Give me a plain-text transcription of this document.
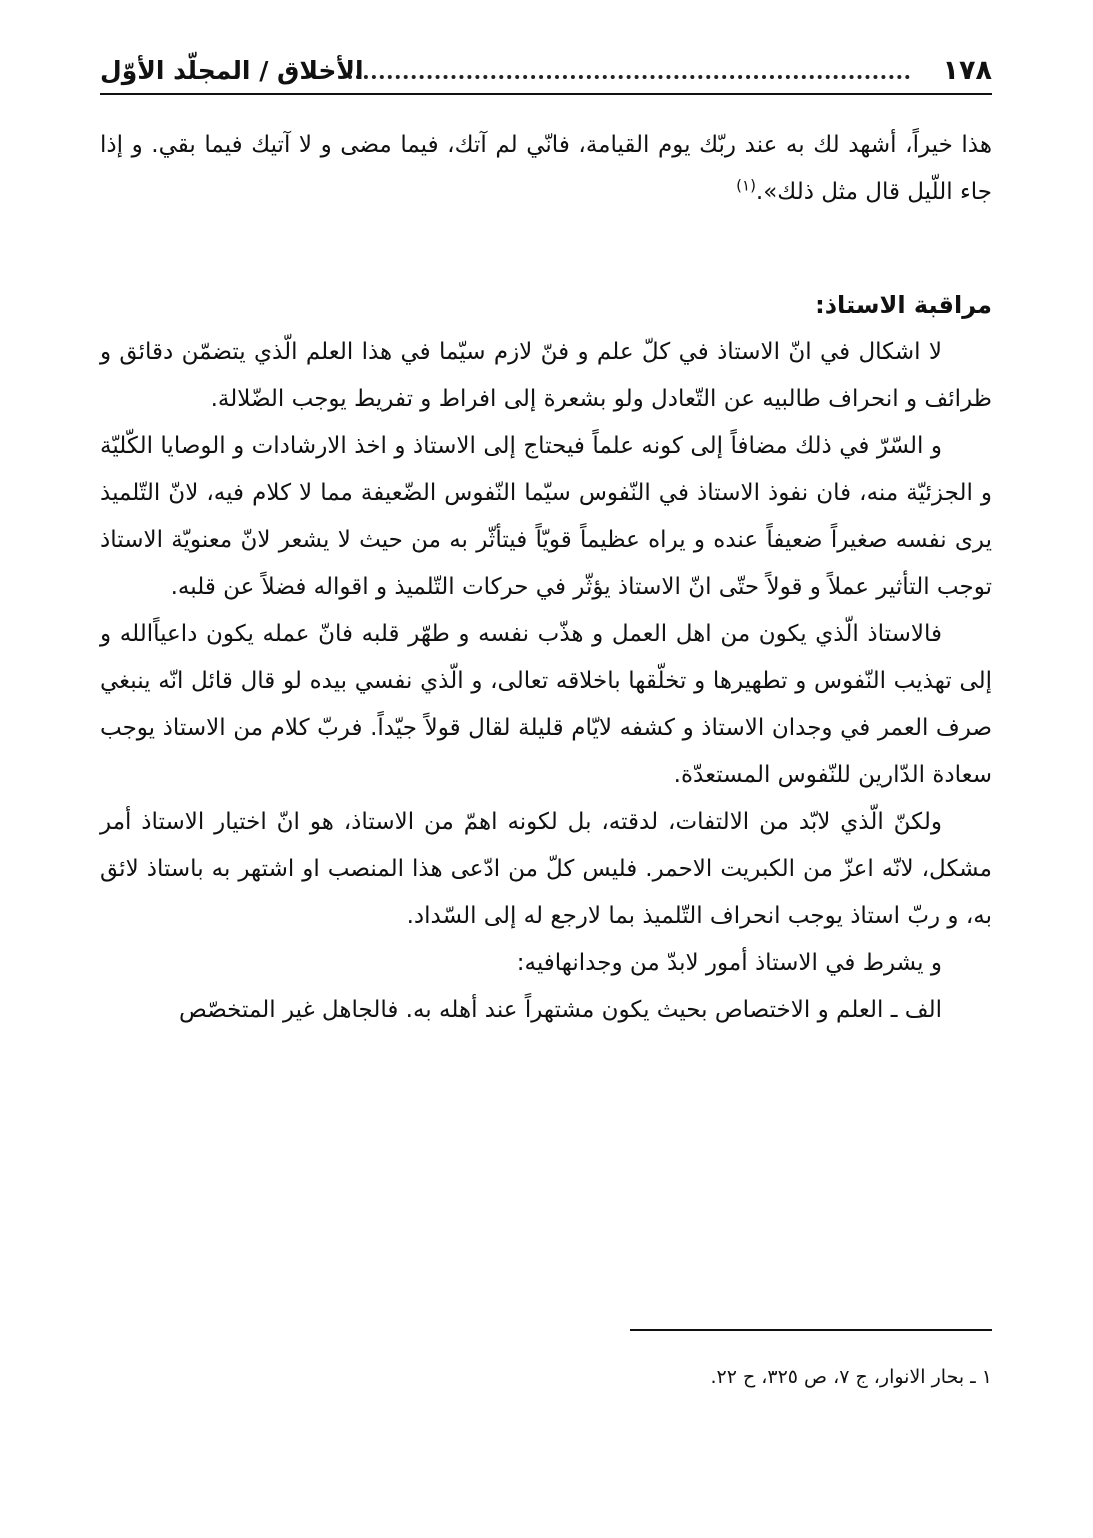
١٧٨
الأخلاق / المجلّد الأوّل

هذا خيراً، أشهد لك به عند ربّك يوم القيامة، فانّي لم آتك، فيما مضى و لا آتيك فيما بقي. و إذا جاء اللّيل قال مثل ذلك».$^{(١)}$

مراقبة الاستاذ:

لا اشكال في انّ الاستاذ في كلّ علم و فنّ لازم سيّما في هذا العلم الّذي يتضمّن دقائق و ظرائف و انحراف طالبيه عن التّعادل ولو بشعرة إلى افراط و تفريط يوجب الضّلالة.

و السّرّ في ذلك مضافاً إلى كونه علماً فيحتاج إلى الاستاذ و اخذ الارشادات و الوصايا الكّليّة و الجزئيّة منه، فان نفوذ الاستاذ في النّفوس سيّما النّفوس الضّعيفة مما لا كلام فيه، لانّ التّلميذ يرى نفسه صغيراً ضعيفاً عنده و يراه عظيماً قويّاً فيتأثّر به من حيث لا يشعر لانّ معنويّة الاستاذ توجب التأثير عملاً و قولاً حتّى انّ الاستاذ يؤثّر في حركات التّلميذ و اقواله فضلاً عن قلبه.

فالاستاذ الّذي يكون من اهل العمل و هذّب نفسه و طهّر قلبه فانّ عمله يكون داعياًالله و إلى تهذيب النّفوس و تطهيرها و تخلّقها باخلاقه تعالى، و الّذي نفسي بيده لو قال قائل انّه ينبغي صرف العمر في وجدان الاستاذ و كشفه لايّام قليلة لقال قولاً جيّداً. فربّ كلام من الاستاذ يوجب سعادة الدّارين للنّفوس المستعدّة.

ولكنّ الّذي لابّد من الالتفات، لدقته، بل لكونه اهمّ من الاستاذ، هو انّ اختيار الاستاذ أمر مشكل، لانّه اعزّ من الكبريت الاحمر. فليس كلّ من ادّعى هذا المنصب او اشتهر به باستاذ لائق به، و ربّ استاذ يوجب انحراف التّلميذ بما لارجع له إلى السّداد.

و يشرط في الاستاذ أمور لابدّ من وجدانهافيه:

الف ـ العلم و الاختصاص بحيث يكون مشتهراً عند أهله به. فالجاهل غير المتخصّص

١ ـ بحار الانوار، ج ٧، ص ٣٢٥، ح ٢٢.
